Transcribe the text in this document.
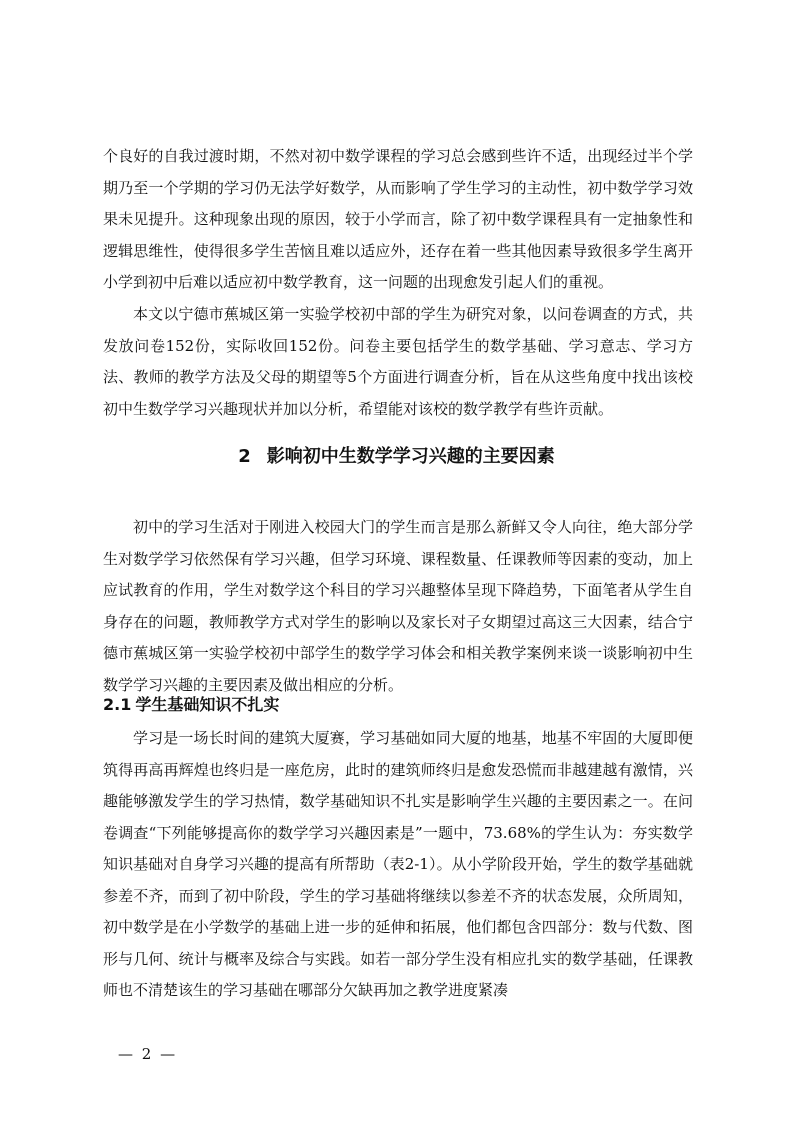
个良好的自我过渡时期，不然对初中数学课程的学习总会感到些许不适，出现经过半个学期乃至一个学期的学习仍无法学好数学，从而影响了学生学习的主动性，初中数学学习效果未见提升。这种现象出现的原因，较于小学而言，除了初中数学课程具有一定抽象性和逻辑思维性，使得很多学生苦恼且难以适应外，还存在着一些其他因素导致很多学生离开小学到初中后难以适应初中数学教育，这一问题的出现愈发引起人们的重视。

本文以宁德市蕉城区第一实验学校初中部的学生为研究对象，以问卷调查的方式，共发放问卷152份，实际收回152份。问卷主要包括学生的数学基础、学习意志、学习方法、教师的教学方法及父母的期望等5个方面进行调查分析，旨在从这些角度中找出该校初中生数学学习兴趣现状并加以分析，希望能对该校的数学教学有些许贡献。

2 影响初中生数学学习兴趣的主要因素

初中的学习生活对于刚进入校园大门的学生而言是那么新鲜又令人向往，绝大部分学生对数学学习依然保有学习兴趣，但学习环境、课程数量、任课教师等因素的变动，加上应试教育的作用，学生对数学这个科目的学习兴趣整体呈现下降趋势，下面笔者从学生自身存在的问题，教师教学方式对学生的影响以及家长对子女期望过高这三大因素，结合宁德市蕉城区第一实验学校初中部学生的数学学习体会和相关教学案例来谈一谈影响初中生数学学习兴趣的主要因素及做出相应的分析。

2.1 学生基础知识不扎实

学习是一场长时间的建筑大厦赛，学习基础如同大厦的地基，地基不牢固的大厦即便筑得再高再辉煌也终归是一座危房，此时的建筑师终归是愈发恐慌而非越建越有激情，兴趣能够激发学生的学习热情，数学基础知识不扎实是影响学生兴趣的主要因素之一。在问卷调查“下列能够提高你的数学学习兴趣因素是”一题中，73.68%的学生认为：夯实数学知识基础对自身学习兴趣的提高有所帮助（表2-1）。从小学阶段开始，学生的数学基础就参差不齐，而到了初中阶段，学生的学习基础将继续以参差不齐的状态发展，众所周知，初中数学是在小学数学的基础上进一步的延伸和拓展，他们都包含四部分：数与代数、图形与几何、统计与概率及综合与实践。如若一部分学生没有相应扎实的数学基础，任课教师也不清楚该生的学习基础在哪部分欠缺再加之教学进度紧凑

— 2 —
